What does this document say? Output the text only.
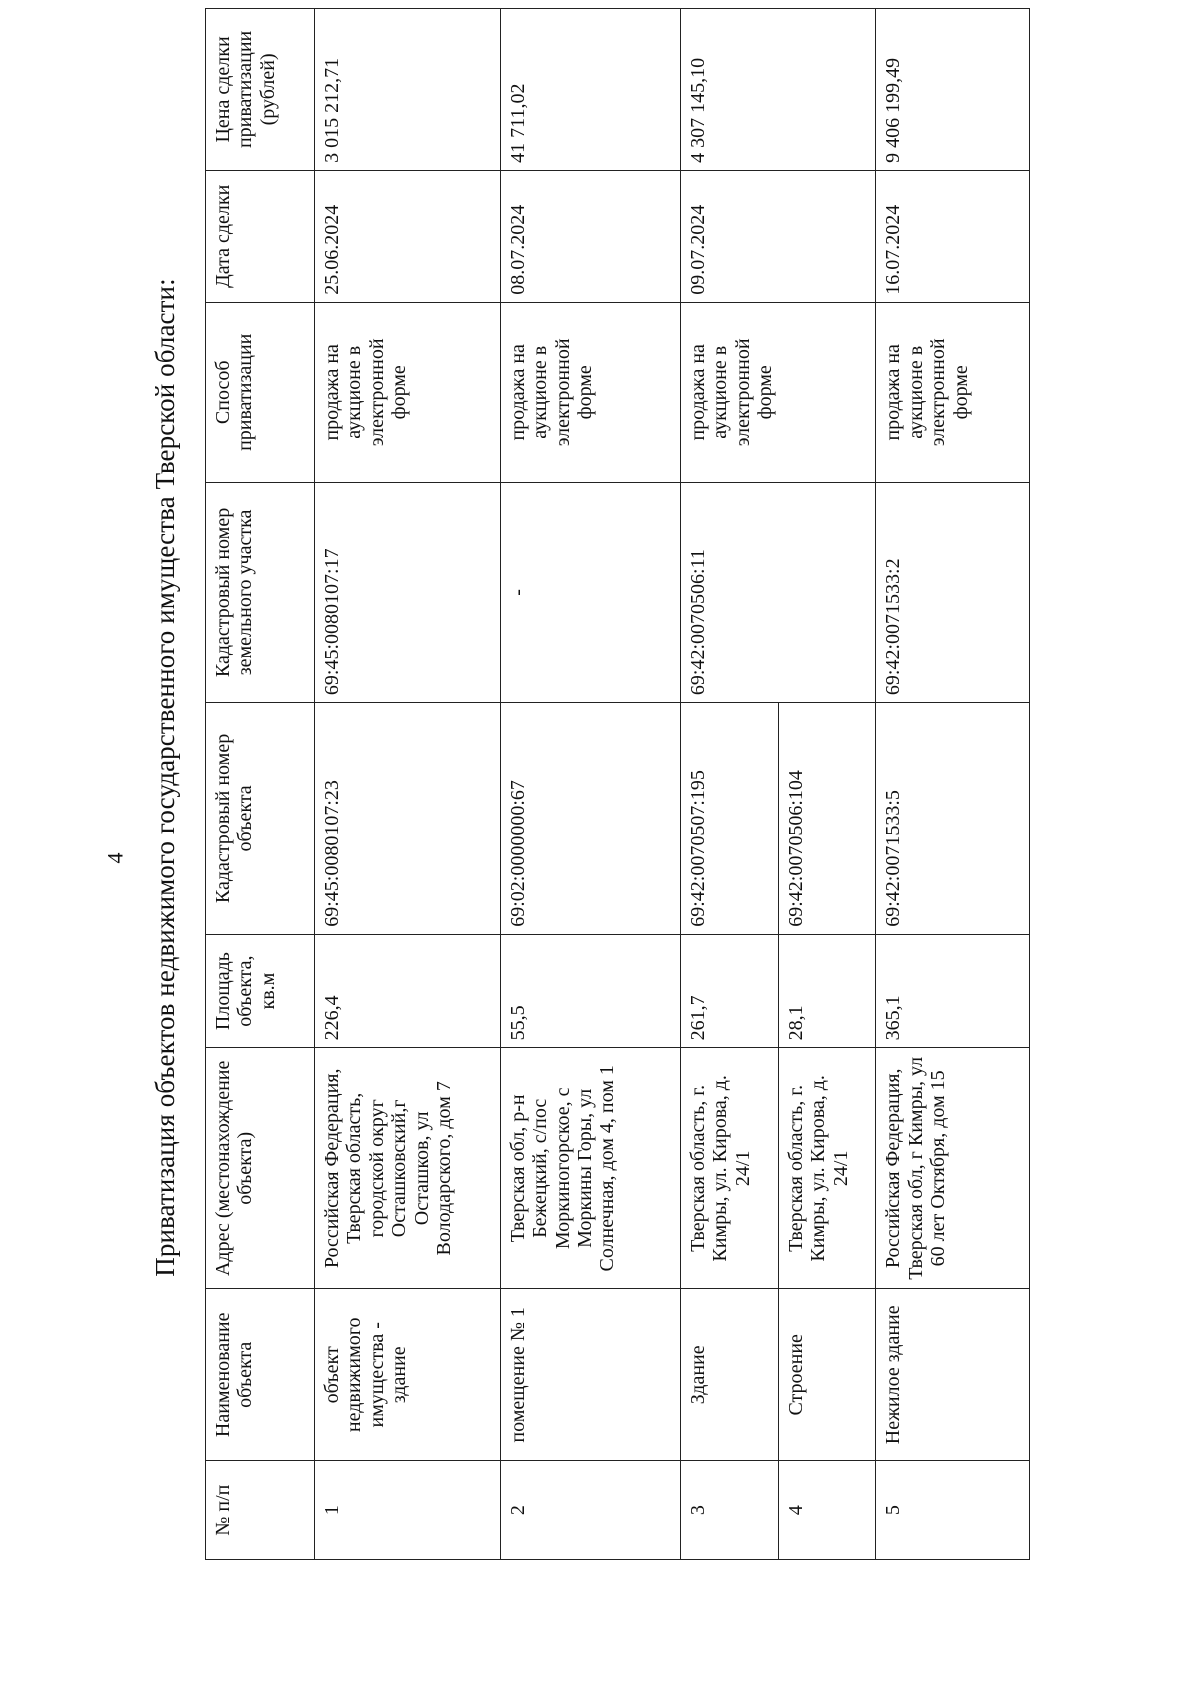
4 Приватизация объектов недвижимого государственного имущества Тверской области:
№ п/п	Наименование объекта	Адрес (местонахождение объекта)	Площадь объекта, кв.м	Кадастровый номер объекта	Кадастровый номер земельного участка	Способ приватизации	Дата сделки	Цена сделки приватизации (рублей)
1	объект недвижимого имущества - здание	Российская Федерация, Тверская область, городской округ Осташковский,г Осташков, ул Володарского, дом 7	226,4	69:45:0080107:23	69:45:0080107:17	продажа на аукционе в электронной форме	25.06.2024	3 015 212,71
2	помещение № 1	Тверская обл, р-н Бежецкий, с/пос Моркиногорское, с Моркины Горы, ул Солнечная, дом 4, пом 1	55,5	69:02:0000000:67	-	продажа на аукционе в электронной форме	08.07.2024	41 711,02
3	Здание	Тверская область, г. Кимры, ул. Кирова, д. 24/1	261,7	69:42:0070507:195	69:42:0070506:11	продажа на аукционе в электронной форме	09.07.2024	4 307 145,10
4	Строение	Тверская область, г. Кимры, ул. Кирова, д. 24/1	28,1	69:42:0070506:104				
5	Нежилое здание	Российская Федерация, Тверская обл, г Кимры, ул 60 лет Октября, дом 15	365,1	69:42:0071533:5	69:42:0071533:2	продажа на аукционе в электронной форме	16.07.2024	9 406 199,49
